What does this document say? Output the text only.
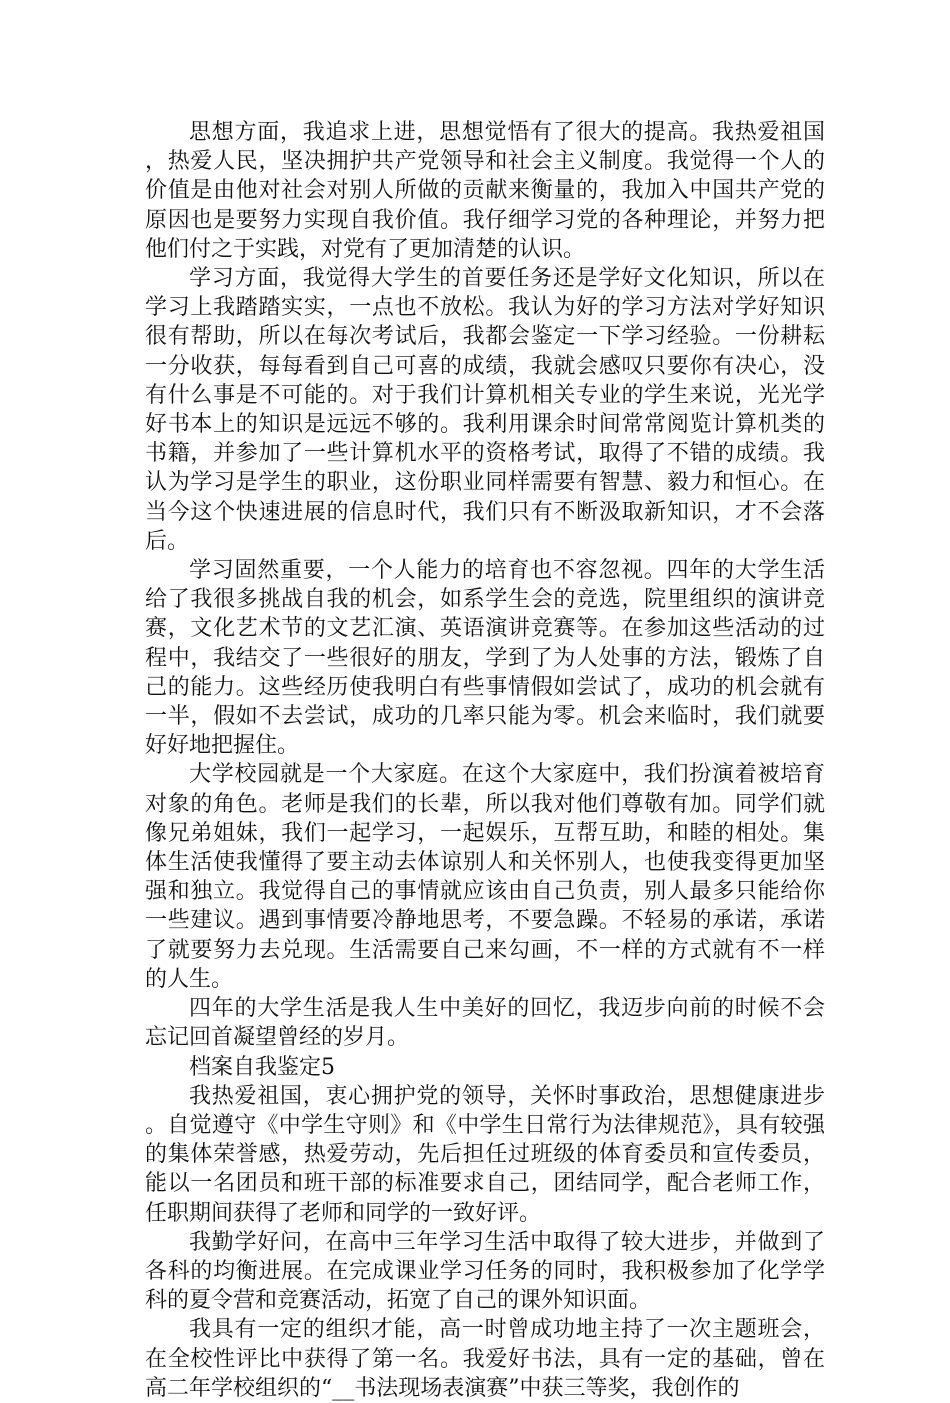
思想方面，我追求上进，思想觉悟有了很大的提高。我热爱祖国，热爱人民，坚决拥护共产党领导和社会主义制度。我觉得一个人的价值是由他对社会对别人所做的贡献来衡量的，我加入中国共产党的原因也是要努力实现自我价值。我仔细学习党的各种理论，并努力把他们付之于实践，对党有了更加清楚的认识。

学习方面，我觉得大学生的首要任务还是学好文化知识，所以在学习上我踏踏实实，一点也不放松。我认为好的学习方法对学好知识很有帮助，所以在每次考试后，我都会鉴定一下学习经验。一份耕耘一分收获，每每看到自己可喜的成绩，我就会感叹只要你有决心，没有什么事是不可能的。对于我们计算机相关专业的学生来说，光光学好书本上的知识是远远不够的。我利用课余时间常常阅览计算机类的书籍，并参加了一些计算机水平的资格考试，取得了不错的成绩。我认为学习是学生的职业，这份职业同样需要有智慧、毅力和恒心。在当今这个快速进展的信息时代，我们只有不断汲取新知识，才不会落后。

学习固然重要，一个人能力的培育也不容忽视。四年的大学生活给了我很多挑战自我的机会，如系学生会的竞选，院里组织的演讲竞赛，文化艺术节的文艺汇演、英语演讲竞赛等。在参加这些活动的过程中，我结交了一些很好的朋友，学到了为人处事的方法，锻炼了自己的能力。这些经历使我明白有些事情假如尝试了，成功的机会就有一半，假如不去尝试，成功的几率只能为零。机会来临时，我们就要好好地把握住。

大学校园就是一个大家庭。在这个大家庭中，我们扮演着被培育对象的角色。老师是我们的长辈，所以我对他们尊敬有加。同学们就像兄弟姐妹，我们一起学习，一起娱乐，互帮互助，和睦的相处。集体生活使我懂得了要主动去体谅别人和关怀别人，也使我变得更加坚强和独立。我觉得自己的事情就应该由自己负责，别人最多只能给你一些建议。遇到事情要冷静地思考，不要急躁。不轻易的承诺，承诺了就要努力去兑现。生活需要自己来勾画，不一样的方式就有不一样的人生。

四年的大学生活是我人生中美好的回忆，我迈步向前的时候不会忘记回首凝望曾经的岁月。

档案自我鉴定5

我热爱祖国，衷心拥护党的领导，关怀时事政治，思想健康进步。自觉遵守《中学生守则》和《中学生日常行为法律规范》，具有较强的集体荣誉感，热爱劳动，先后担任过班级的体育委员和宣传委员，能以一名团员和班干部的标准要求自己，团结同学，配合老师工作，任职期间获得了老师和同学的一致好评。

我勤学好问，在高中三年学习生活中取得了较大进步，并做到了各科的均衡进展。在完成课业学习任务的同时，我积极参加了化学学科的夏令营和竞赛活动，拓宽了自己的课外知识面。

我具有一定的组织才能，高一时曾成功地主持了一次主题班会，在全校性评比中获得了第一名。我爱好书法，具有一定的基础，曾在高二年学校组织的“__书法现场表演赛”中获三等奖，我创作的
